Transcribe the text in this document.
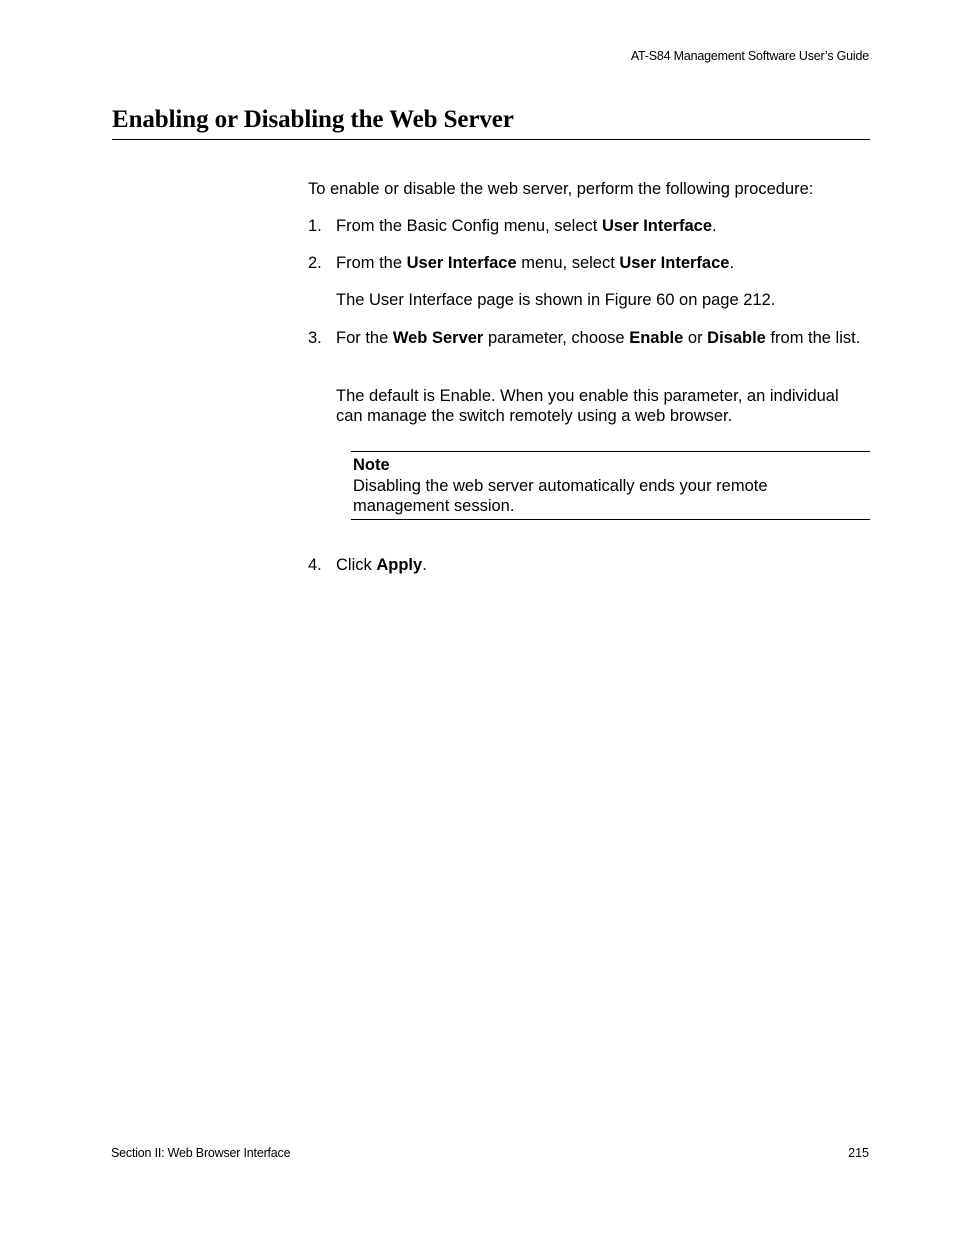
AT-S84 Management Software User’s Guide
Enabling or Disabling the Web Server
To enable or disable the web server, perform the following procedure:
1. From the Basic Config menu, select User Interface.
2. From the User Interface menu, select User Interface.
The User Interface page is shown in Figure 60 on page 212.
3. For the Web Server parameter, choose Enable or Disable from the list.
The default is Enable. When you enable this parameter, an individual can manage the switch remotely using a web browser.
Note
Disabling the web server automatically ends your remote management session.
4. Click Apply.
Section II: Web Browser Interface	215
